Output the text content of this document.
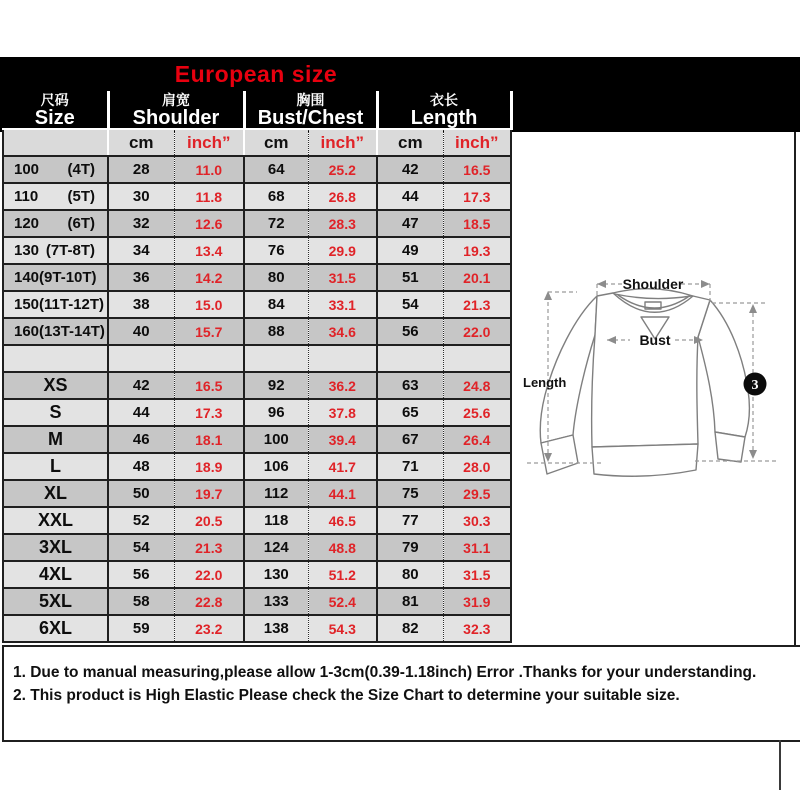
European size
尺码
Size	肩宽
Shoulder		胸围
Bust/Chest		衣长
Length	

	cm	inch”	cm	inch”	cm	inch”

100 (4T)	28	11.0	64	25.2	42	16.5

110 (5T)	30	11.8	68	26.8	44	17.3

120 (6T)	32	12.6	72	28.3	47	18.5

130 (7T-8T)	34	13.4	76	29.9	49	19.3

140 (9T-10T)	36	14.2	80	31.5	51	20.1

150 (11T-12T)	38	15.0	84	33.1	54	21.3

160 (13T-14T)	40	15.7	88	34.6	56	22.0

XS	42	16.5	92	36.2	63	24.8
S	44	17.3	96	37.8	65	25.6
M	46	18.1	100	39.4	67	26.4
L	48	18.9	106	41.7	71	28.0
XL	50	19.7	112	44.1	75	29.5
XXL	52	20.5	118	46.5	77	30.3
3XL	54	21.3	124	48.8	79	31.1
4XL	56	22.0	130	51.2	80	31.5
5XL	58	22.8	133	52.4	81	31.9
6XL	59	23.2	138	54.3	82	32.3
Shoulder
Bust
Length	3

1. Due to manual measuring,please allow 1-3cm(0.39-1.18inch) Error .Thanks for your understanding.

2. This product is High Elastic Please check the Size Chart to determine your suitable size.
